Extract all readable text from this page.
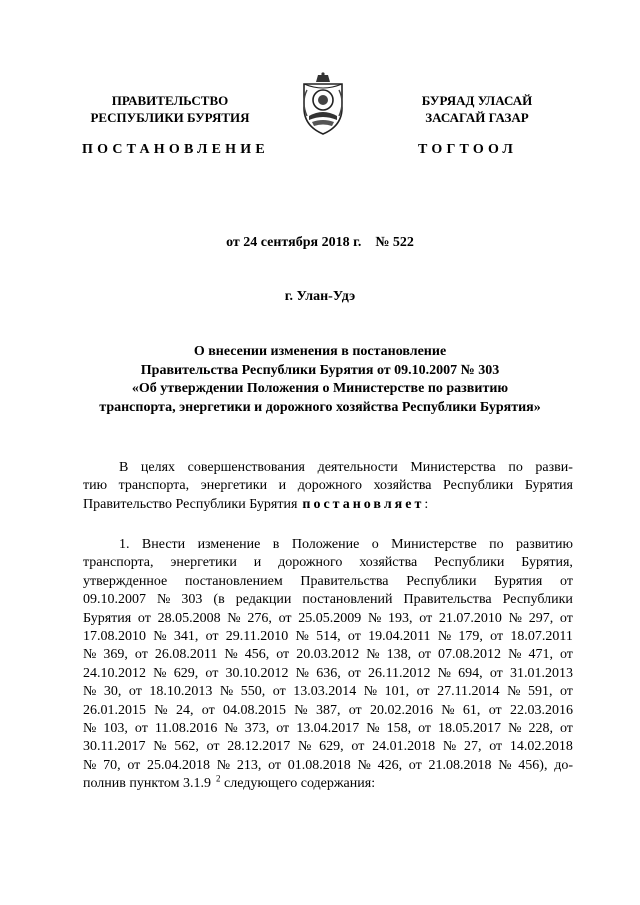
ПРАВИТЕЛЬСТВО
РЕСПУБЛИКИ БУРЯТИЯ
БУРЯАД УЛАСАЙ
ЗАСАГАЙ ГАЗАР
ПОСТАНОВЛЕНИЕ	ТОГТООЛ
от 24 сентября 2018 г. № 522
г. Улан-Удэ
О внесении изменения в постановление
Правительства Республики Бурятия от 09.10.2007 № 303
«Об утверждении Положения о Министерстве по развитию
транспорта, энергетики и дорожного хозяйства Республики Бурятия»
В целях совершенствования деятельности Министерства по разви-
тию транспорта, энергетики и дорожного хозяйства Республики Бурятия
Правительство Республики Бурятия постановляет :
1. Внести изменение в Положение о Министерстве по развитию
транспорта, энергетики и дорожного хозяйства Республики Бурятия,
утвержденное постановлением Правительства Республики Бурятия от
09.10.2007 № 303 (в редакции постановлений Правительства Республики
Бурятия от 28.05.2008 № 276, от 25.05.2009 № 193, от 21.07.2010 № 297, от
17.08.2010 № 341, от 29.11.2010 № 514, от 19.04.2011 № 179, от 18.07.2011
№ 369, от 26.08.2011 № 456, от 20.03.2012 № 138, от 07.08.2012 № 471, от
24.10.2012 № 629, от 30.10.2012 № 636, от 26.11.2012 № 694, от 31.01.2013
№ 30, от 18.10.2013 № 550, от 13.03.2014 № 101, от 27.11.2014 № 591, от
26.01.2015 № 24, от 04.08.2015 № 387, от 20.02.2016 № 61, от 22.03.2016
№ 103, от 11.08.2016 № 373, от 13.04.2017 № 158, от 18.05.2017 № 228, от
30.11.2017 № 562, от 28.12.2017 № 629, от 24.01.2018 № 27, от 14.02.2018
№ 70, от 25.04.2018 № 213, от 01.08.2018 № 426, от 21.08.2018 № 456), до-
полнив пунктом 3.1.9 $^2$ следующего содержания:
